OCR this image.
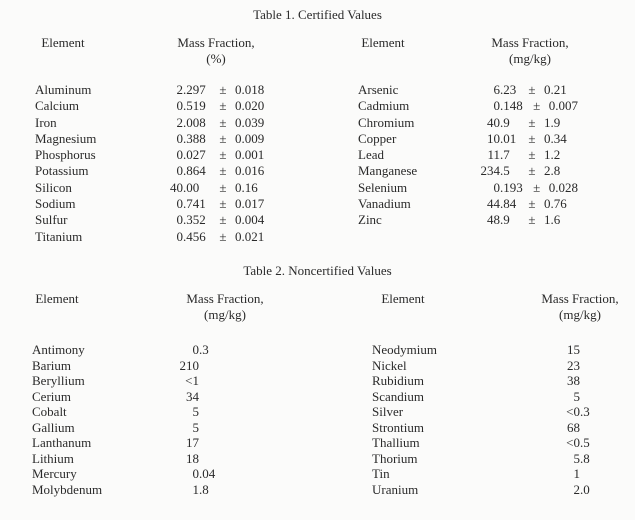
Table 1. Certified Values
Element	Mass Fraction,
(%)
Element	Mass Fraction,
(mg/kg)
Aluminum	2 .297 ± 0.018
Calcium	0 .519 ± 0.020
Iron	2 .008 ± 0.039
Magnesium	0 .388 ± 0.009
Phosphorus	0 .027 ± 0.001
Potassium	0 .864 ± 0.016
Silicon	40 .00	± 0.16
Sodium	0 .741 ± 0.017
Sulfur	0 .352 ± 0.004
Titanium	0 .456 ± 0.021
Arsenic	6 .23 ± 0.21
Cadmium	0 .148 ± 0.007
Chromium	40 .9	± 1.9
Copper	10 .01 ± 0.34
Lead	11 .7	± 1.2
Manganese	234 .5	± 2.8
Selenium	0 .193 ± 0.028
Vanadium	44 .84 ± 0.76
Zinc	48 .9	± 1.6
Table 2. Noncertified Values
Element	Mass Fraction,
(mg/kg)
Element	Mass Fraction,
(mg/kg)
Antimony	0 .3
Barium	210
Beryllium	<1
Cerium	34
Cobalt	5
Gallium	5
Lanthanum	17
Lithium	18
Mercury	0 .04
Molybdenum	1 .8
Neodymium	15
Nickel	23
Rubidium	38
Scandium	5
Silver	<0 .3
Strontium	68
Thallium	<0 .5
Thorium	5 .8
Tin	1
Uranium	2 .0
